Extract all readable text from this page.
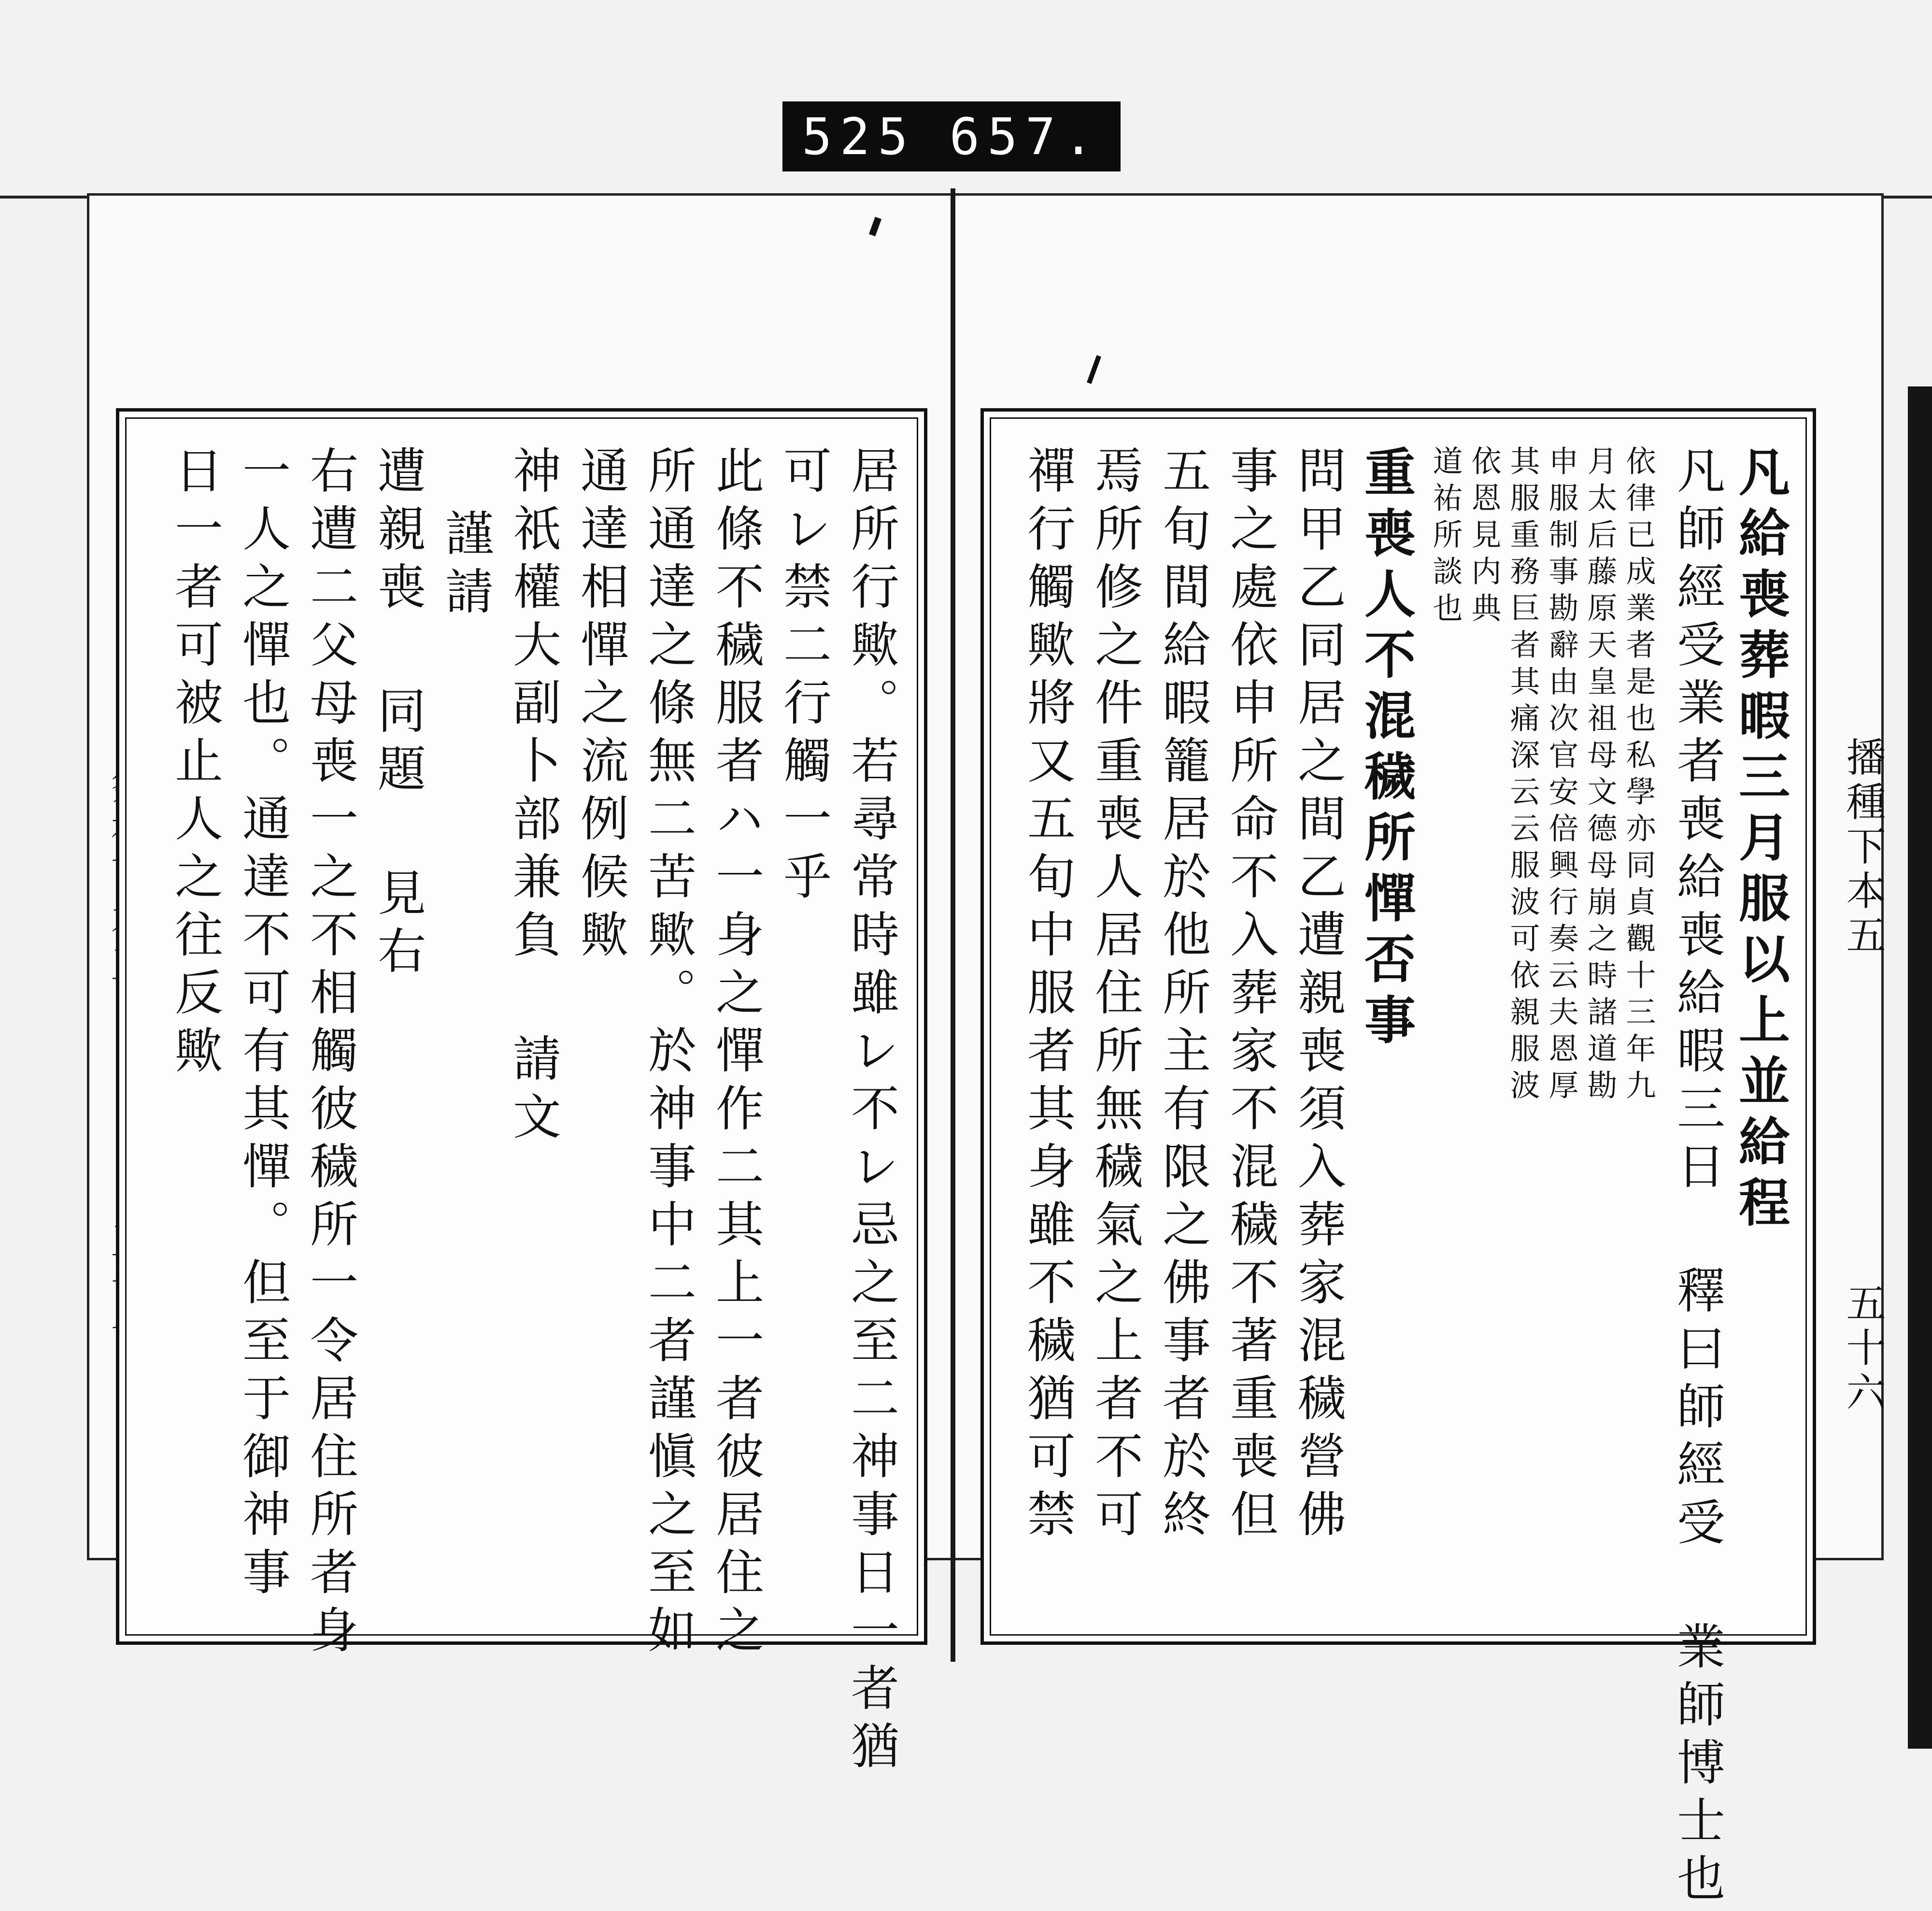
525 657.
居所行歟。若尋常時雖レ不レ忌之至二神事日一者猶
可レ禁二行觸一乎
此條不穢服者ハ一身之憚作二其上一者彼居住之
所通達之條無二苦歟。於神事中二者謹愼之至如
通達相憚之流例候歟
神祇權大副卜部兼負 請文
謹請
遭親喪 同題 見右
右遭二父母喪一之不相觸彼穢所一令居住所者身
一人之憚也。通達不可有其憚。但至于御神事
日一者可被止人之往反歟	凡給喪葬暇三月服以上並給程
凡師經受業者喪給喪給暇三日 釋曰師經受 業師博士也
依律已成業者是也私學亦同貞觀十三年九
月太后藤原天皇祖母文德母崩之時諸道勘
申服制事勘辭由次官安倍興行奏云夫恩厚
其服重務巨者其痛深云云服波可依親服波
依恩見内典
道祐所談也
重喪人不混穢所憚否事
問甲乙同居之間乙遭親喪須入葬家混穢營佛
事之處依申所命不入葬家不混穢不著重喪但
五旬間給暇籠居於他所主有限之佛事者於終
焉所修之件重喪人居住所無穢氣之上者不可
禪行觸歟將又五旬中服者其身雖不穢猶可禁	播種下本五
五十六
